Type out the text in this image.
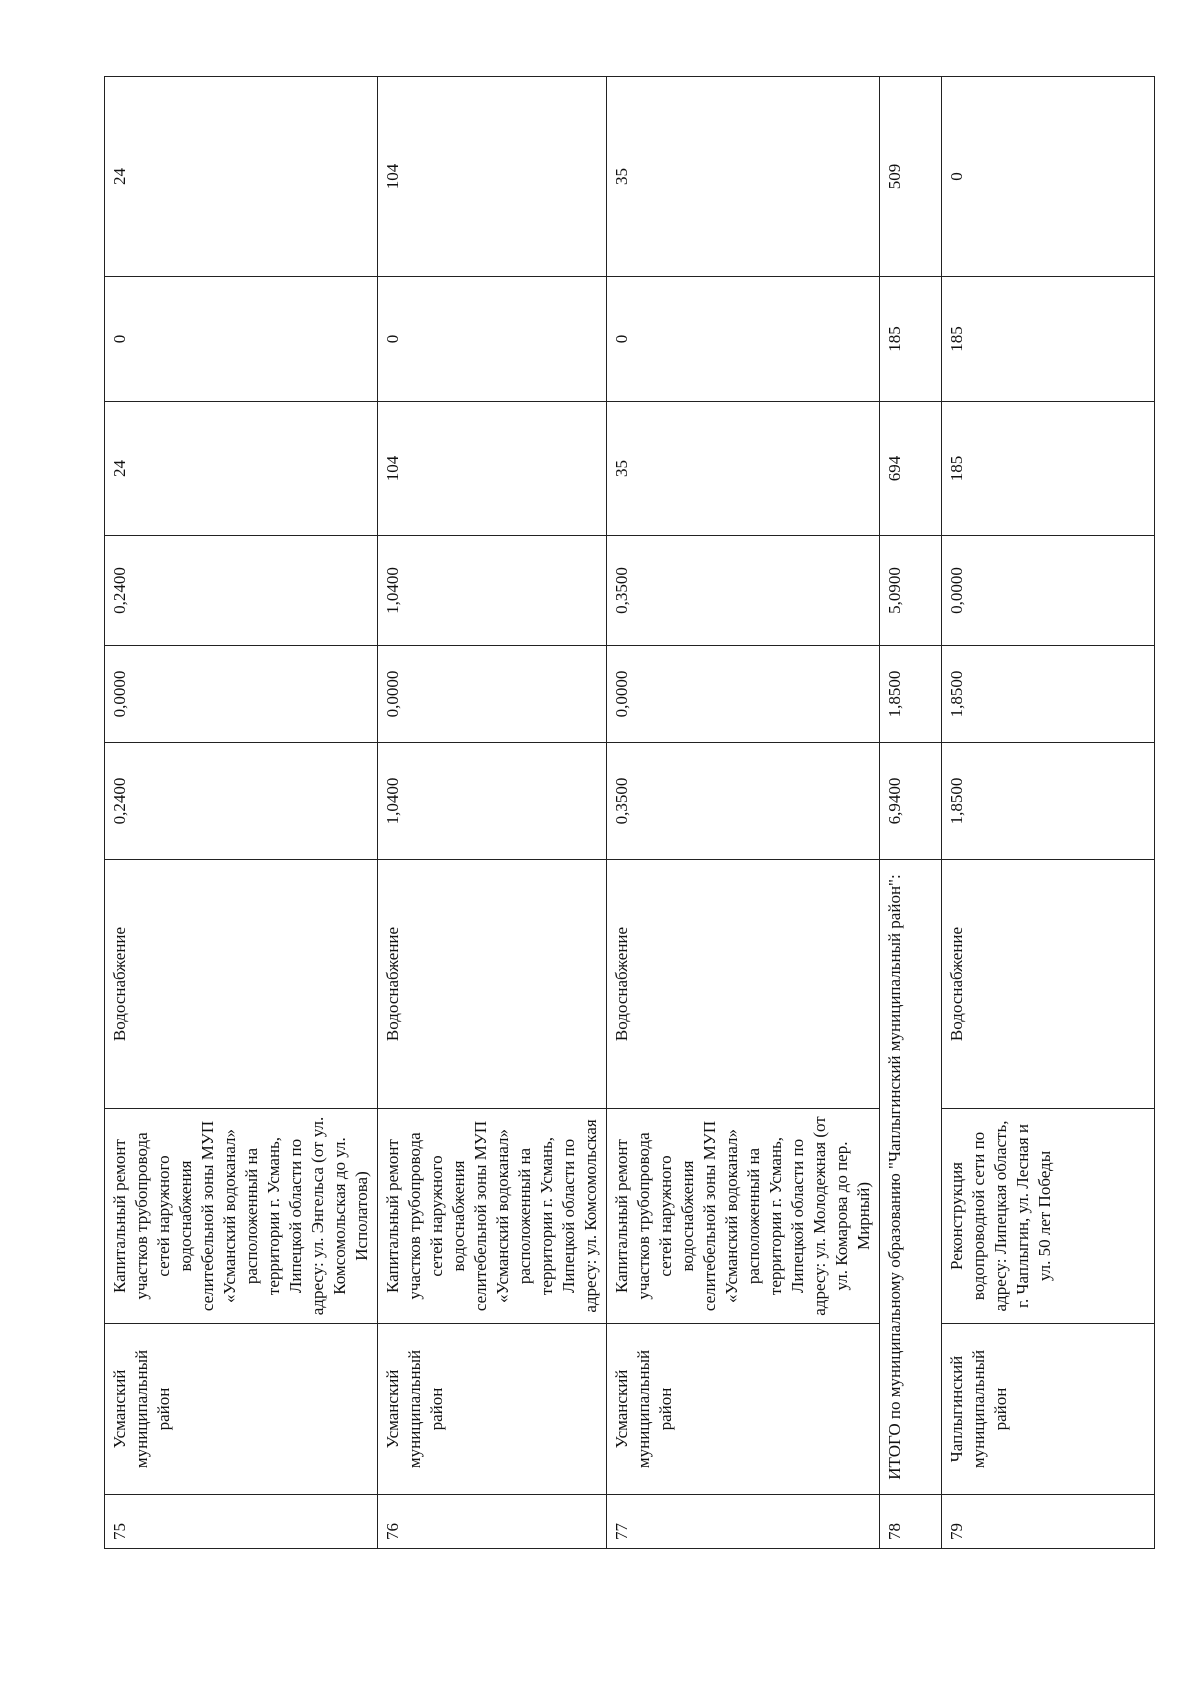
75	Усманский муниципальный район	Капитальный ремонт участков трубопровода сетей наружного водоснабжения селитебельной зоны МУП «Усманский водоканал» расположенный на территории г. Усмань, Липецкой области по адресу: ул. Энгельса (от ул. Комсомольская до ул. Исполатова)	Водоснабжение	0,2400	0,0000	0,2400	24	0	24
76	Усманский муниципальный район	Капитальный ремонт участков трубопровода сетей наружного водоснабжения селитебельной зоны МУП «Усманский водоканал» расположенный на территории г. Усмань, Липецкой области по адресу: ул. Комсомольская	Водоснабжение	1,0400	0,0000	1,0400	104	0	104
77	Усманский муниципальный район	Капитальный ремонт участков трубопровода сетей наружного водоснабжения селитебельной зоны МУП «Усманский водоканал» расположенный на территории г. Усмань, Липецкой области по адресу: ул. Молодежная (от ул. Комарова до пер. Мирный)	Водоснабжение	0,3500	0,0000	0,3500	35	0	35
78	ИТОГО по муниципальному образованию "Чаплыгинский муниципальный район":			6,9400	1,8500	5,0900	694	185	509
79	Чаплыгинский муниципальный район	Реконструкция водопроводной сети по адресу: Липецкая область, г. Чаплыгин, ул. Лесная и ул. 50 лет Победы	Водоснабжение	1,8500	1,8500	0,0000	185	185	0
